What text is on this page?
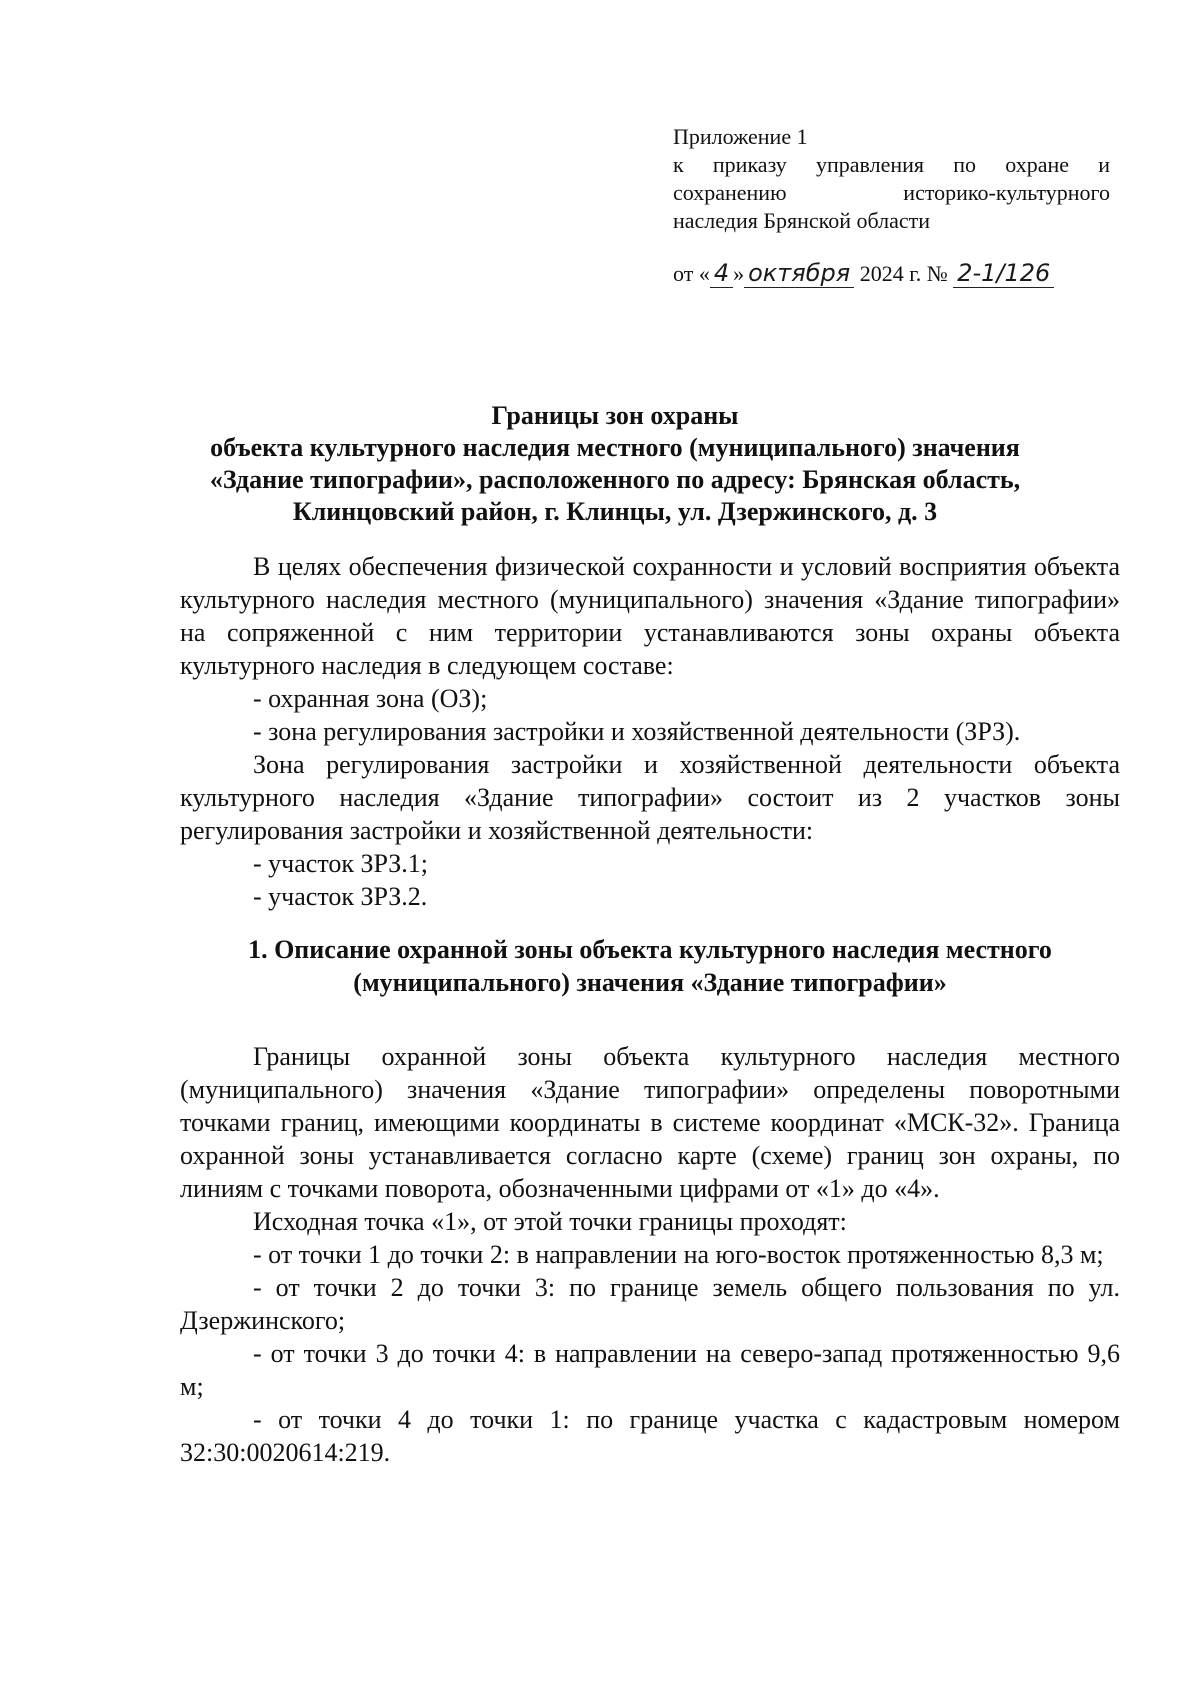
Приложение 1
к приказу управления по охране и
сохранению историко-культурного
наследия Брянской области
от « 4 » октября 2024 г. № 2-1/126
Границы зон охраны
объекта культурного наследия местного (муниципального) значения
«Здание типографии», расположенного по адресу: Брянская область,
Клинцовский район, г. Клинцы, ул. Дзержинского, д. 3

В целях обеспечения физической сохранности и условий восприятия объекта культурного наследия местного (муниципального) значения «Здание типографии» на сопряженной с ним территории устанавливаются зоны охраны объекта культурного наследия в следующем составе:

- охранная зона (ОЗ);

- зона регулирования застройки и хозяйственной деятельности (ЗРЗ).

Зона регулирования застройки и хозяйственной деятельности объекта культурного наследия «Здание типографии» состоит из 2 участков зоны регулирования застройки и хозяйственной деятельности:

- участок ЗРЗ.1;

- участок ЗРЗ.2.

1. Описание охранной зоны объекта культурного наследия местного
(муниципального) значения «Здание типографии»

Границы охранной зоны объекта культурного наследия местного (муниципального) значения «Здание типографии» определены поворотными точками границ, имеющими координаты в системе координат «МСК-32». Граница охранной зоны устанавливается согласно карте (схеме) границ зон охраны, по линиям с точками поворота, обозначенными цифрами от «1» до «4».

Исходная точка «1», от этой точки границы проходят:

- от точки 1 до точки 2: в направлении на юго-восток протяженностью 8,3 м;

- от точки 2 до точки 3: по границе земель общего пользования по ул. Дзержинского;

- от точки 3 до точки 4: в направлении на северо-запад протяженностью 9,6 м;

- от точки 4 до точки 1: по границе участка с кадастровым номером 32:30:0020614:219.
